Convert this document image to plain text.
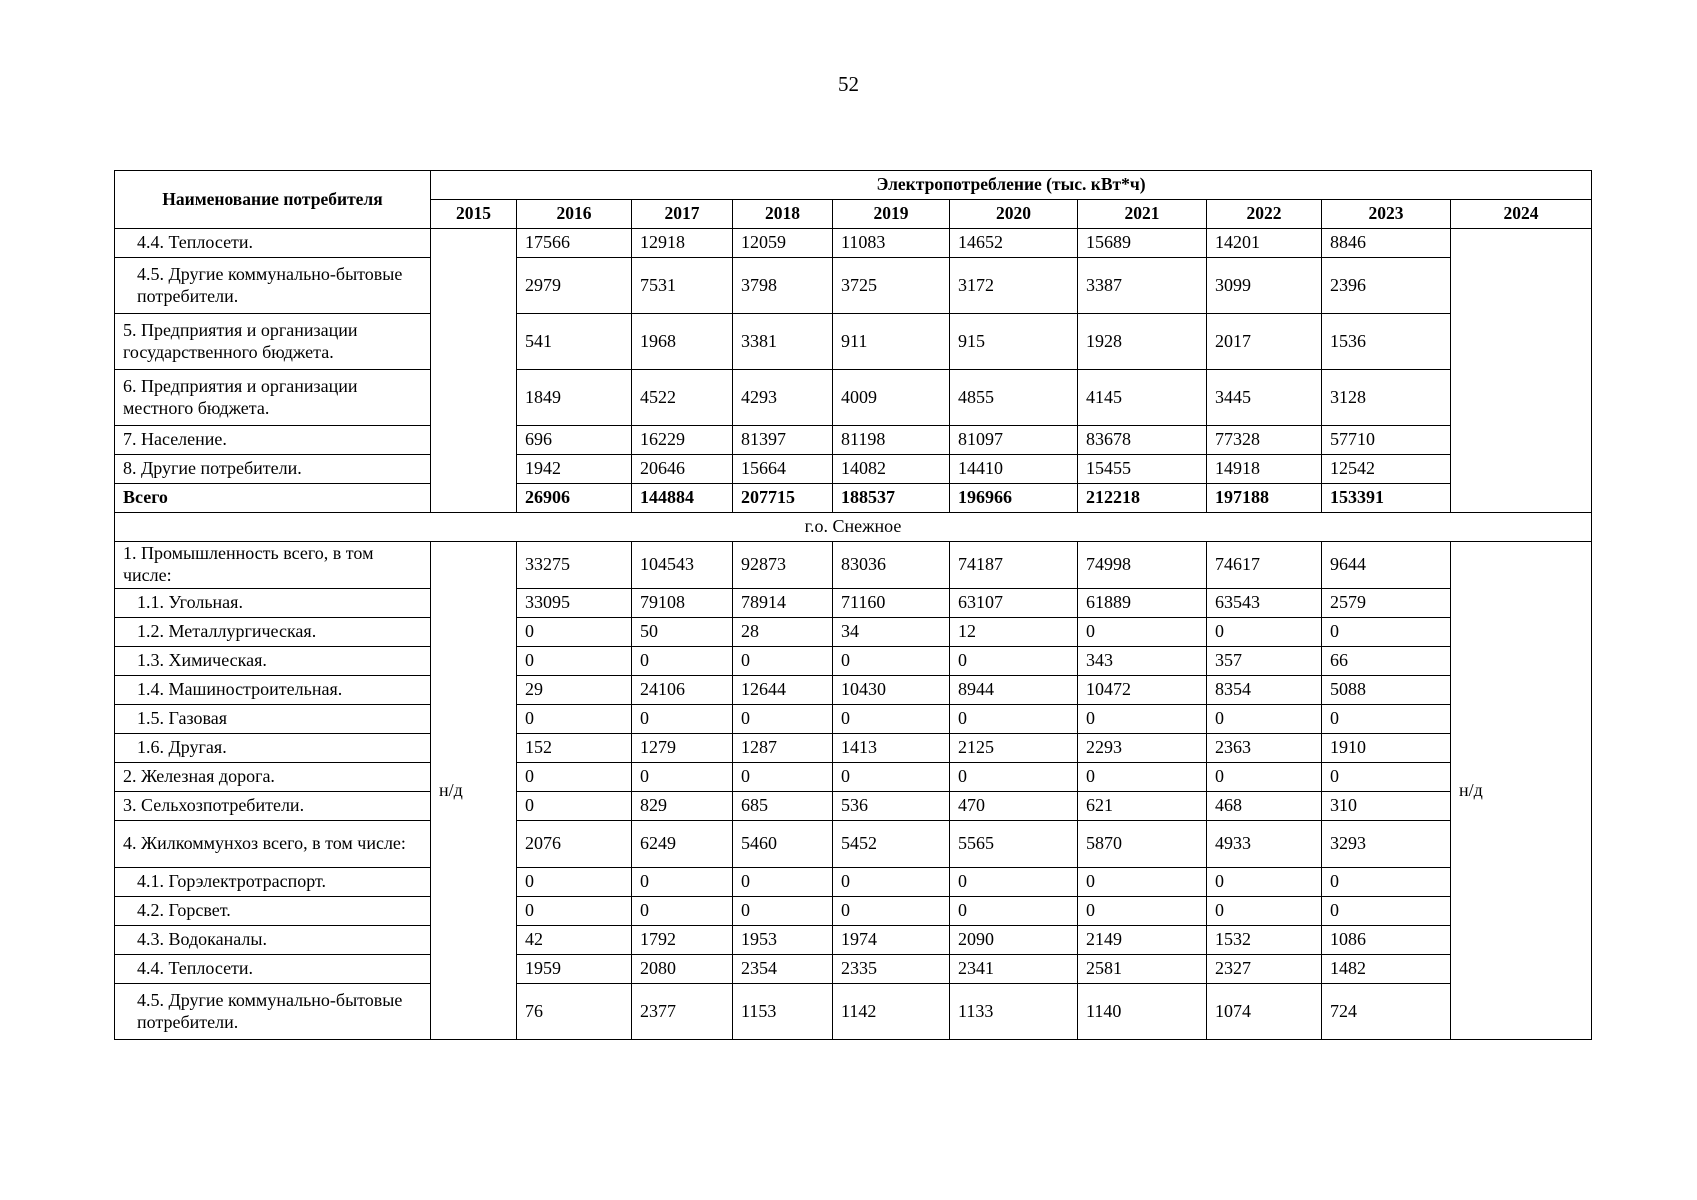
52
Наименование потребителя	Электропотребление (тыс. кВт*ч)									
	2015	2016	2017	2018	2019	2020	2021	2022	2023	2024
4.4. Теплосети.		17566	12918	12059	11083	14652	15689	14201	8846	
4.5. Другие коммунально-бытовые потребители.		2979	7531	3798	3725	3172	3387	3099	2396	
5. Предприятия и организации государственного бюджета.		541	1968	3381	911	915	1928	2017	1536	
6. Предприятия и организации местного бюджета.		1849	4522	4293	4009	4855	4145	3445	3128	
7. Население.		696	16229	81397	81198	81097	83678	77328	57710	
8. Другие потребители.		1942	20646	15664	14082	14410	15455	14918	12542	
Всего		26906	144884	207715	188537	196966	212218	197188	153391	
г.о. Снежное										
1. Промышленность всего, в том числе:	н/д	33275	104543	92873	83036	74187	74998	74617	9644	н/д
1.1. Угольная.		33095	79108	78914	71160	63107	61889	63543	2579	
1.2. Металлургическая.		0	50	28	34	12	0	0	0	
1.3. Химическая.		0	0	0	0	0	343	357	66	
1.4. Машиностроительная.		29	24106	12644	10430	8944	10472	8354	5088	
1.5. Газовая		0	0	0	0	0	0	0	0	
1.6. Другая.		152	1279	1287	1413	2125	2293	2363	1910	
2. Железная дорога.		0	0	0	0	0	0	0	0	
3. Сельхозпотребители.		0	829	685	536	470	621	468	310	
4. Жилкоммунхоз всего, в том числе:		2076	6249	5460	5452	5565	5870	4933	3293	
4.1. Горэлектротраспорт.		0	0	0	0	0	0	0	0	
4.2. Горсвет.		0	0	0	0	0	0	0	0	
4.3. Водоканалы.		42	1792	1953	1974	2090	2149	1532	1086	
4.4. Теплосети.		1959	2080	2354	2335	2341	2581	2327	1482	
4.5. Другие коммунально-бытовые потребители.		76	2377	1153	1142	1133	1140	1074	724	
